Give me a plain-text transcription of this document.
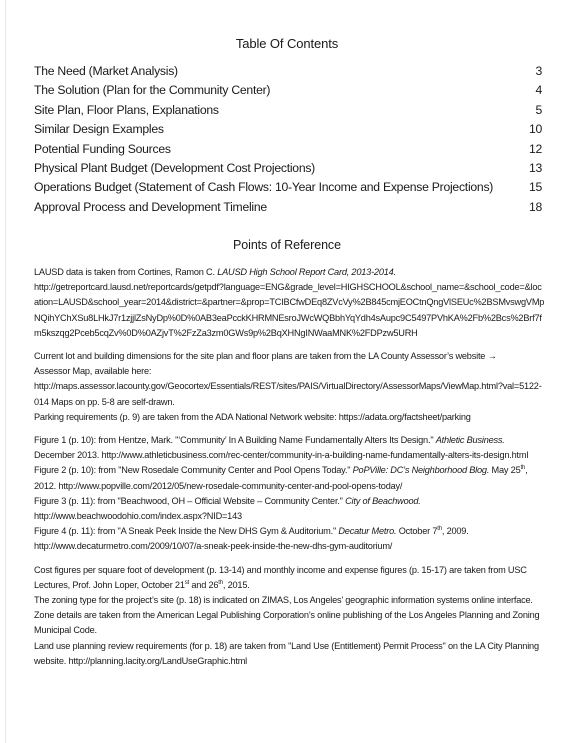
Table Of Contents
The Need (Market Analysis)	3
The Solution (Plan for the Community Center)	4
Site Plan, Floor Plans, Explanations	5
Similar Design Examples	10
Potential Funding Sources	12
Physical Plant Budget (Development Cost Projections)	13
Operations Budget (Statement of Cash Flows: 10-Year Income and Expense Projections)	15
Approval Process and Development Timeline	18
Points of Reference

LAUSD data is taken from Cortines, Ramon C. LAUSD High School Report Card, 2013-2014.

http://getreportcard.lausd.net/reportcards/getpdf?language=ENG&grade_level=HIGHSCHOOL&school_name=&school_code=&location=LAUSD&school_year=2014&district=&partner=&prop=TCIBCfwDEq8ZVcVy%2B845cmjEOCtnQngVlSEUc%2BSMvswgVMpNQihYChXSu8LHkJ7r1zjjlZsNyDp%0D%0AB3eaPcckKHRMNEsroJWcWQBbhYqYdh4sAupc9C5497PVhKA%2Fb%2Bcs%2Brf7fm5kszqg2Pceb5cqZv%0D%0AZjvT%2FzZa3zm0GWs9p%2BqXHNgINWaaMNK%2FDPzw5URH

Current lot and building dimensions for the site plan and floor plans are taken from the LA County Assessor’s website →

Assessor Map, available here: http://maps.assessor.lacounty.gov/Geocortex/Essentials/REST/sites/PAIS/VirtualDirectory/AssessorMaps/ViewMap.html?val=5122-014 Maps on pp. 5-8 are self-drawn.

Parking requirements (p. 9) are taken from the ADA National Network website: https://adata.org/factsheet/parking

Figure 1 (p. 10): from Hentze, Mark. "‘Community’ In A Building Name Fundamentally Alters Its Design." Athletic Business. December 2013. http://www.athleticbusiness.com/rec-center/community-in-a-building-name-fundamentally-alters-its-design.html

Figure 2 (p. 10): from "New Rosedale Community Center and Pool Opens Today." PoPVille: DC’s Neighborhood Blog. May 25th, 2012. http://www.popville.com/2012/05/new-rosedale-community-center-and-pool-opens-today/

Figure 3 (p. 11): from "Beachwood, OH – Official Website – Community Center." City of Beachwood. http://www.beachwoodohio.com/index.aspx?NID=143

Figure 4 (p. 11): from "A Sneak Peek Inside the New DHS Gym & Auditorium." Decatur Metro. October 7th, 2009. http://www.decaturmetro.com/2009/10/07/a-sneak-peek-inside-the-new-dhs-gym-auditorium/

Cost figures per square foot of development (p. 13-14) and monthly income and expense figures (p. 15-17) are taken from USC Lectures, Prof. John Loper, October 21st and 26th, 2015.

The zoning type for the project’s site (p. 18) is indicated on ZIMAS, Los Angeles’ geographic information systems online interface. Zone details are taken from the American Legal Publishing Corporation’s online publishing of the Los Angeles Planning and Zoning Municipal Code.

Land use planning review requirements (for p. 18) are taken from "Land Use (Entitlement) Permit Process" on the LA City Planning website. http://planning.lacity.org/LandUseGraphic.html
